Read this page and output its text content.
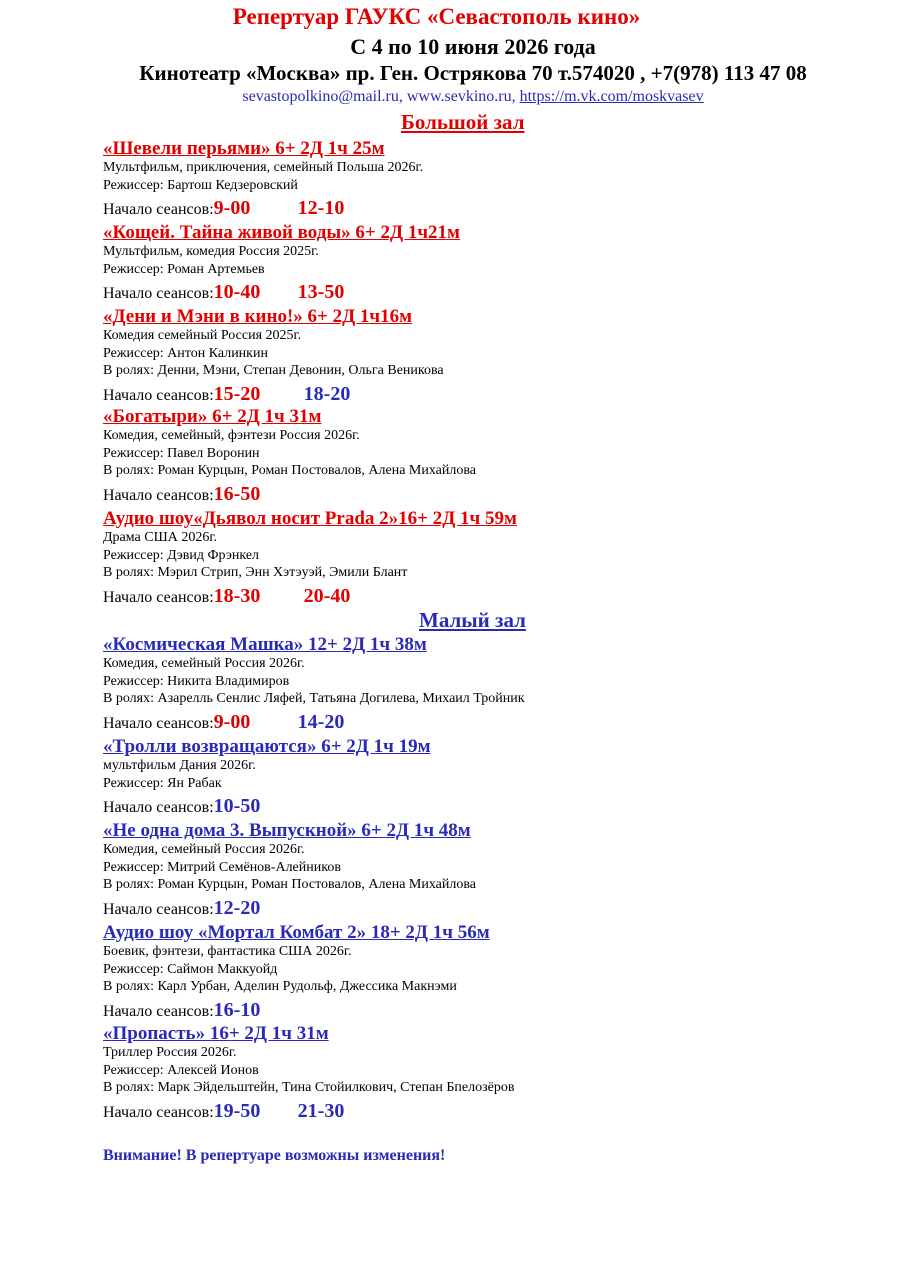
Репертуар ГАУКС «Севастополь кино»
С 4 по 10 июня 2026 года
Кинотеатр «Москва» пр. Ген. Острякова 70 т.574020 , +7(978) 113 47 08
sevastopolkino@mail.ru, www.sevkino.ru, https://m.vk.com/moskvasev
Большой зал
Малый зал
«Шевели перьями» 6+ 2Д 1ч 25м
Мультфильм, приключения, семейный Польша 2026г.
Режиссер: Бартош Кедзеровский
Начало сеансов:9-00 12-10
«Кощей. Тайна живой воды» 6+ 2Д 1ч21м
Мультфильм, комедия Россия 2025г.
Режиссер: Роман Артемьев
Начало сеансов:10-40 13-50
«Дени и Мэни в кино!» 6+ 2Д 1ч16м
Комедия семейный Россия 2025г.
Режиссер: Антон Калинкин
В ролях: Денни, Мэни, Степан Девонин, Ольга Веникова
Начало сеансов:15-20 18-20
«Богатыри» 6+ 2Д 1ч 31м
Комедия, семейный, фэнтези Россия 2026г.
Режиссер: Павел Воронин
В ролях: Роман Курцын, Роман Постовалов, Алена Михайлова
Начало сеансов:16-50
Аудио шоу«Дьявол носит Prada 2»16+ 2Д 1ч 59м
Драма США 2026г.
Режиссер: Дэвид Фрэнкел
В ролях: Мэрил Стрип, Энн Хэтэуэй, Эмили Блант
Начало сеансов:18-30 20-40
«Космическая Машка» 12+ 2Д 1ч 38м
Комедия, семейный Россия 2026г.
Режиссер: Никита Владимиров
В ролях: Азарелль Сенлис Ляфей, Татьяна Догилева, Михаил Тройник
Начало сеансов:9-00 14-20
«Тролли возвращаются» 6+ 2Д 1ч 19м
мультфильм Дания 2026г.
Режиссер: Ян Рабак
Начало сеансов:10-50
«Не одна дома 3. Выпускной» 6+ 2Д 1ч 48м
Комедия, семейный Россия 2026г.
Режиссер: Митрий Семёнов-Алейников
В ролях: Роман Курцын, Роман Постовалов, Алена Михайлова
Начало сеансов:12-20
Аудио шоу «Мортал Комбат 2» 18+ 2Д 1ч 56м
Боевик, фэнтези, фантастика США 2026г.
Режиссер: Саймон Маккуойд
В ролях: Карл Урбан, Аделин Рудольф, Джессика Макнэми
Начало сеансов:16-10
«Пропасть» 16+ 2Д 1ч 31м
Триллер Россия 2026г.
Режиссер: Алексей Ионов
В ролях: Марк Эйдельштейн, Тина Стойилкович, Степан Бпелозёров
Начало сеансов:19-50 21-30
Внимание! В репертуаре возможны изменения!
